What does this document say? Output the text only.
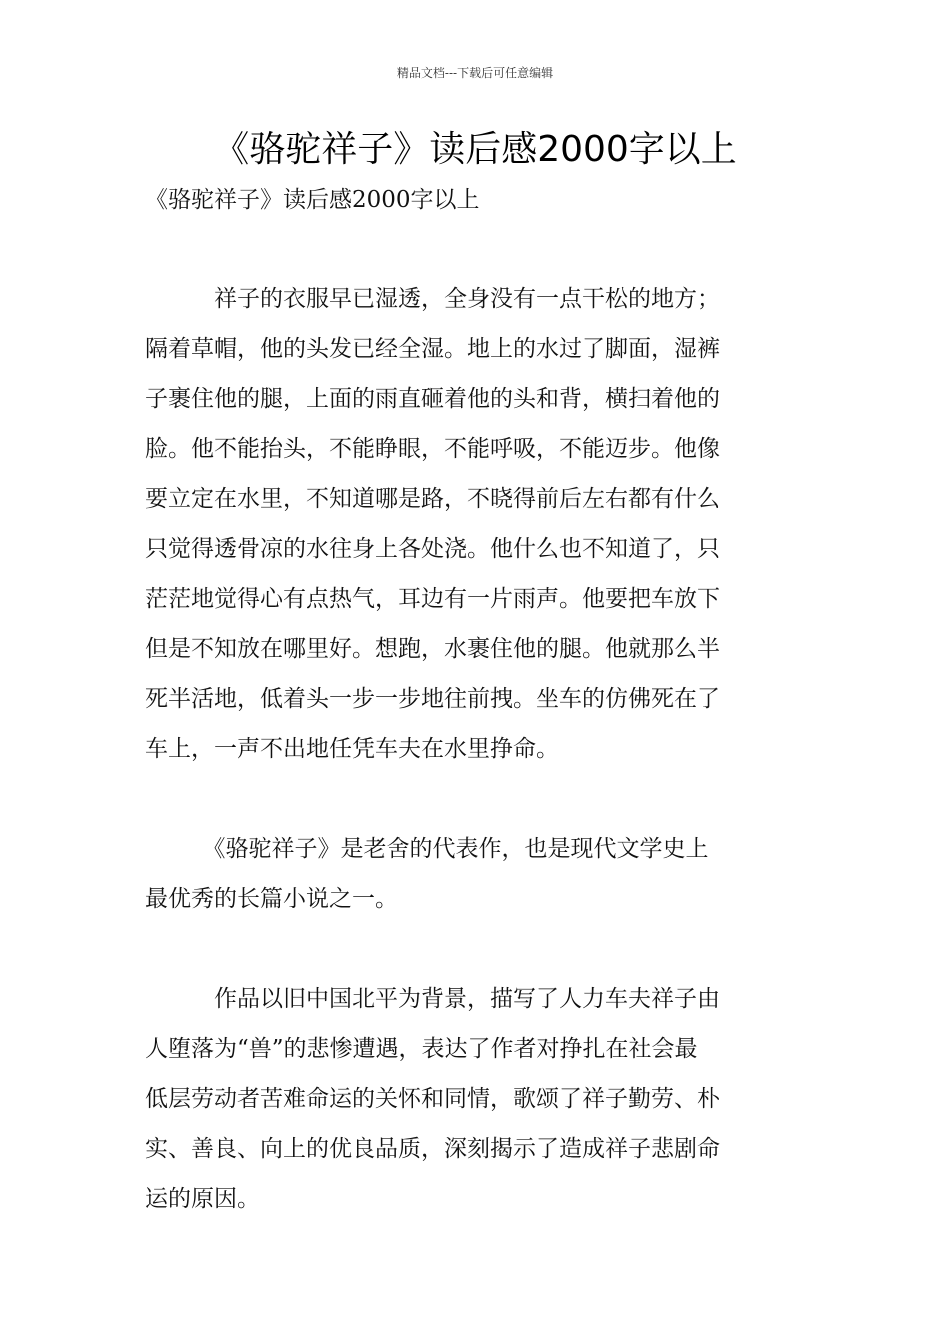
精品文档---下载后可任意编辑
《骆驼祥子》读后感2000字以上
《骆驼祥子》读后感2000字以上
　　　祥子的衣服早已湿透，全身没有一点干松的地方；
隔着草帽，他的头发已经全湿。地上的水过了脚面，湿裤
子裹住他的腿，上面的雨直砸着他的头和背，横扫着他的
脸。他不能抬头，不能睁眼，不能呼吸，不能迈步。他像
要立定在水里，不知道哪是路，不晓得前后左右都有什么
只觉得透骨凉的水往身上各处浇。他什么也不知道了，只
茫茫地觉得心有点热气，耳边有一片雨声。他要把车放下
但是不知放在哪里好。想跑，水裹住他的腿。他就那么半
死半活地，低着头一步一步地往前拽。坐车的仿佛死在了
车上，一声不出地任凭车夫在水里挣命。
　　　《骆驼祥子》是老舍的代表作，也是现代文学史上
最优秀的长篇小说之一。
　　　作品以旧中国北平为背景，描写了人力车夫祥子由
人堕落为“兽”的悲惨遭遇，表达了作者对挣扎在社会最
低层劳动者苦难命运的关怀和同情，歌颂了祥子勤劳、朴
实、善良、向上的优良品质，深刻揭示了造成祥子悲剧命
运的原因。
